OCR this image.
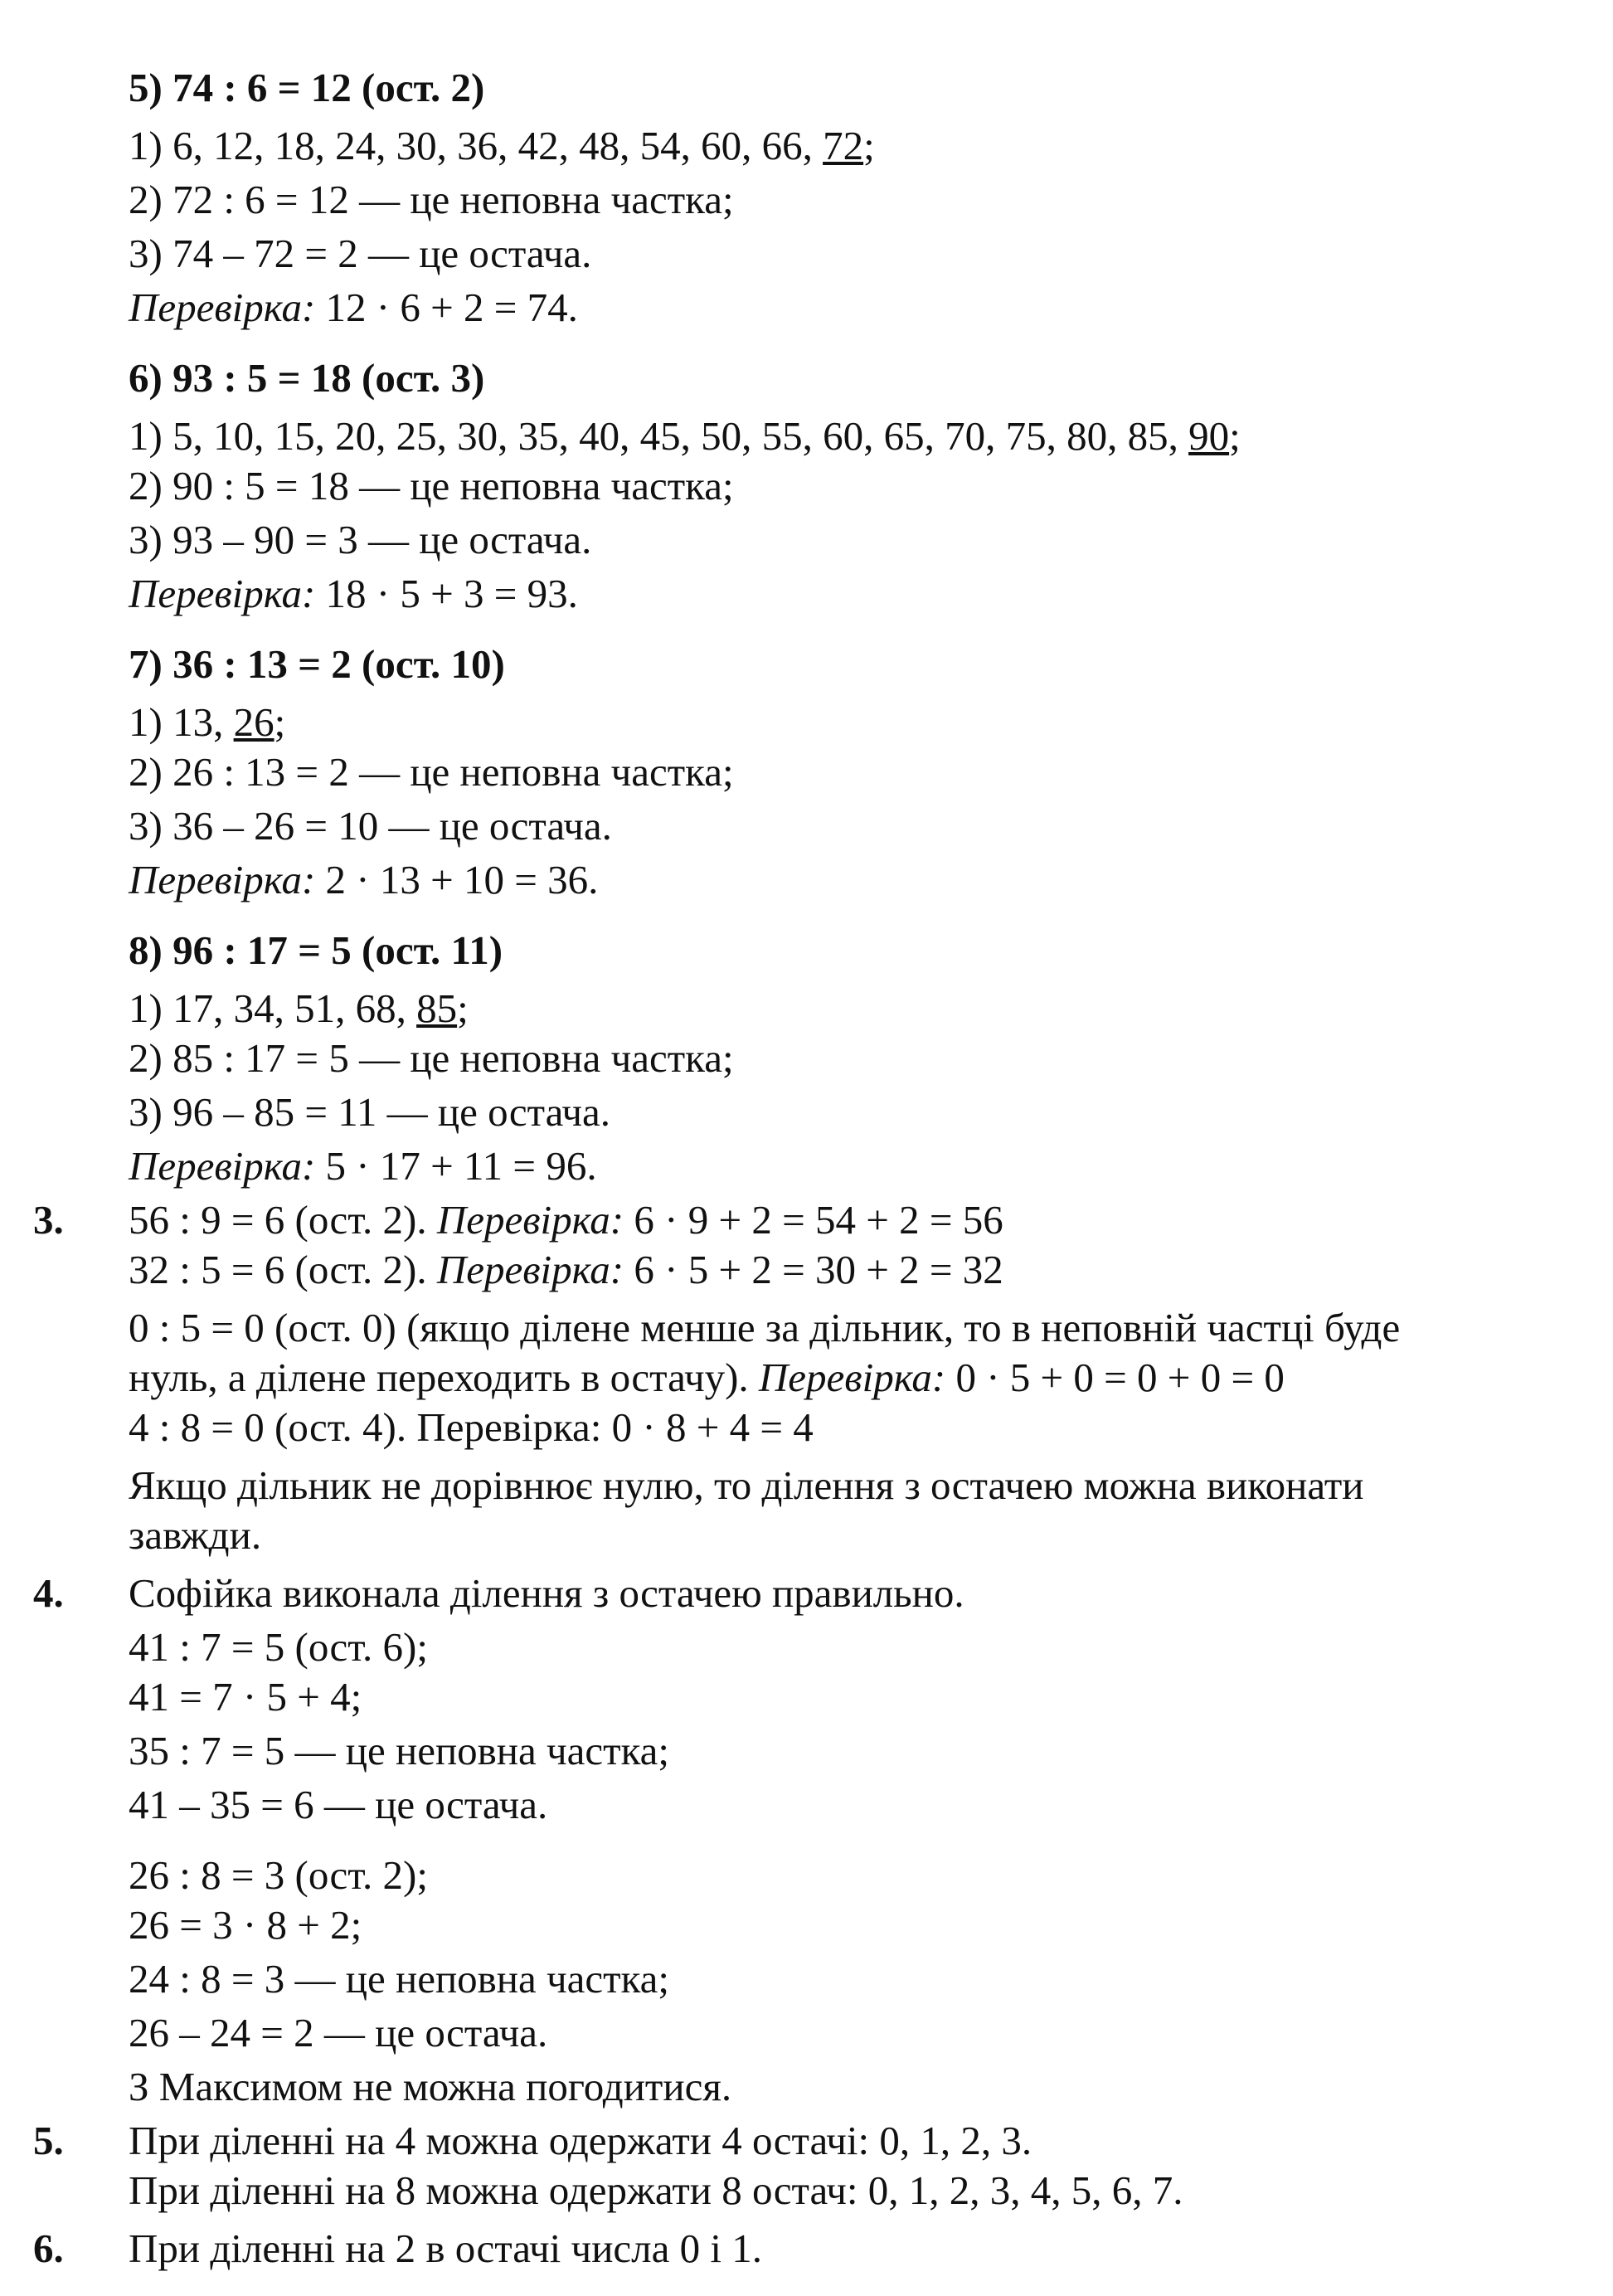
5) 74 : 6 = 12 (ост. 2)
1) 6, 12, 18, 24, 30, 36, 42, 48, 54, 60, 66, 72;
2) 72 : 6 = 12 — це неповна частка;
3) 74 – 72 = 2 — це остача.
Перевірка: 12 · 6 + 2 = 74.
6) 93 : 5 = 18 (ост. 3)
1) 5, 10, 15, 20, 25, 30, 35, 40, 45, 50, 55, 60, 65, 70, 75, 80, 85, 90;
2) 90 : 5 = 18 — це неповна частка;
3) 93 – 90 = 3 — це остача.
Перевірка: 18 · 5 + 3 = 93.
7) 36 : 13 = 2 (ост. 10)
1) 13, 26;
2) 26 : 13 = 2 — це неповна частка;
3) 36 – 26 = 10 — це остача.
Перевірка: 2 · 13 + 10 = 36.
8) 96 : 17 = 5 (ост. 11)
1) 17, 34, 51, 68, 85;
2) 85 : 17 = 5 — це неповна частка;
3) 96 – 85 = 11 — це остача.
Перевірка: 5 · 17 + 11 = 96.
3. 56 : 9 = 6 (ост. 2). Перевірка: 6 · 9 + 2 = 54 + 2 = 56
32 : 5 = 6 (ост. 2). Перевірка: 6 · 5 + 2 = 30 + 2 = 32
0 : 5 = 0 (ост. 0) (якщо ділене менше за дільник, то в неповній частці буде
нуль, а ділене переходить в остачу). Перевірка: 0 · 5 + 0 = 0 + 0 = 0
4 : 8 = 0 (ост. 4). Перевірка: 0 · 8 + 4 = 4
Якщо дільник не дорівнює нулю, то ділення з остачею можна виконати
завжди.
4. Софійка виконала ділення з остачею правильно.
41 : 7 = 5 (ост. 6);
41 = 7 · 5 + 4;
35 : 7 = 5 — це неповна частка;
41 – 35 = 6 — це остача.
26 : 8 = 3 (ост. 2);
26 = 3 · 8 + 2;
24 : 8 = 3 — це неповна частка;
26 – 24 = 2 — це остача.
З Максимом не можна погодитися.
5. При діленні на 4 можна одержати 4 остачі: 0, 1, 2, 3.
При діленні на 8 можна одержати 8 остач: 0, 1, 2, 3, 4, 5, 6, 7.
6. При діленні на 2 в остачі числа 0 і 1.
